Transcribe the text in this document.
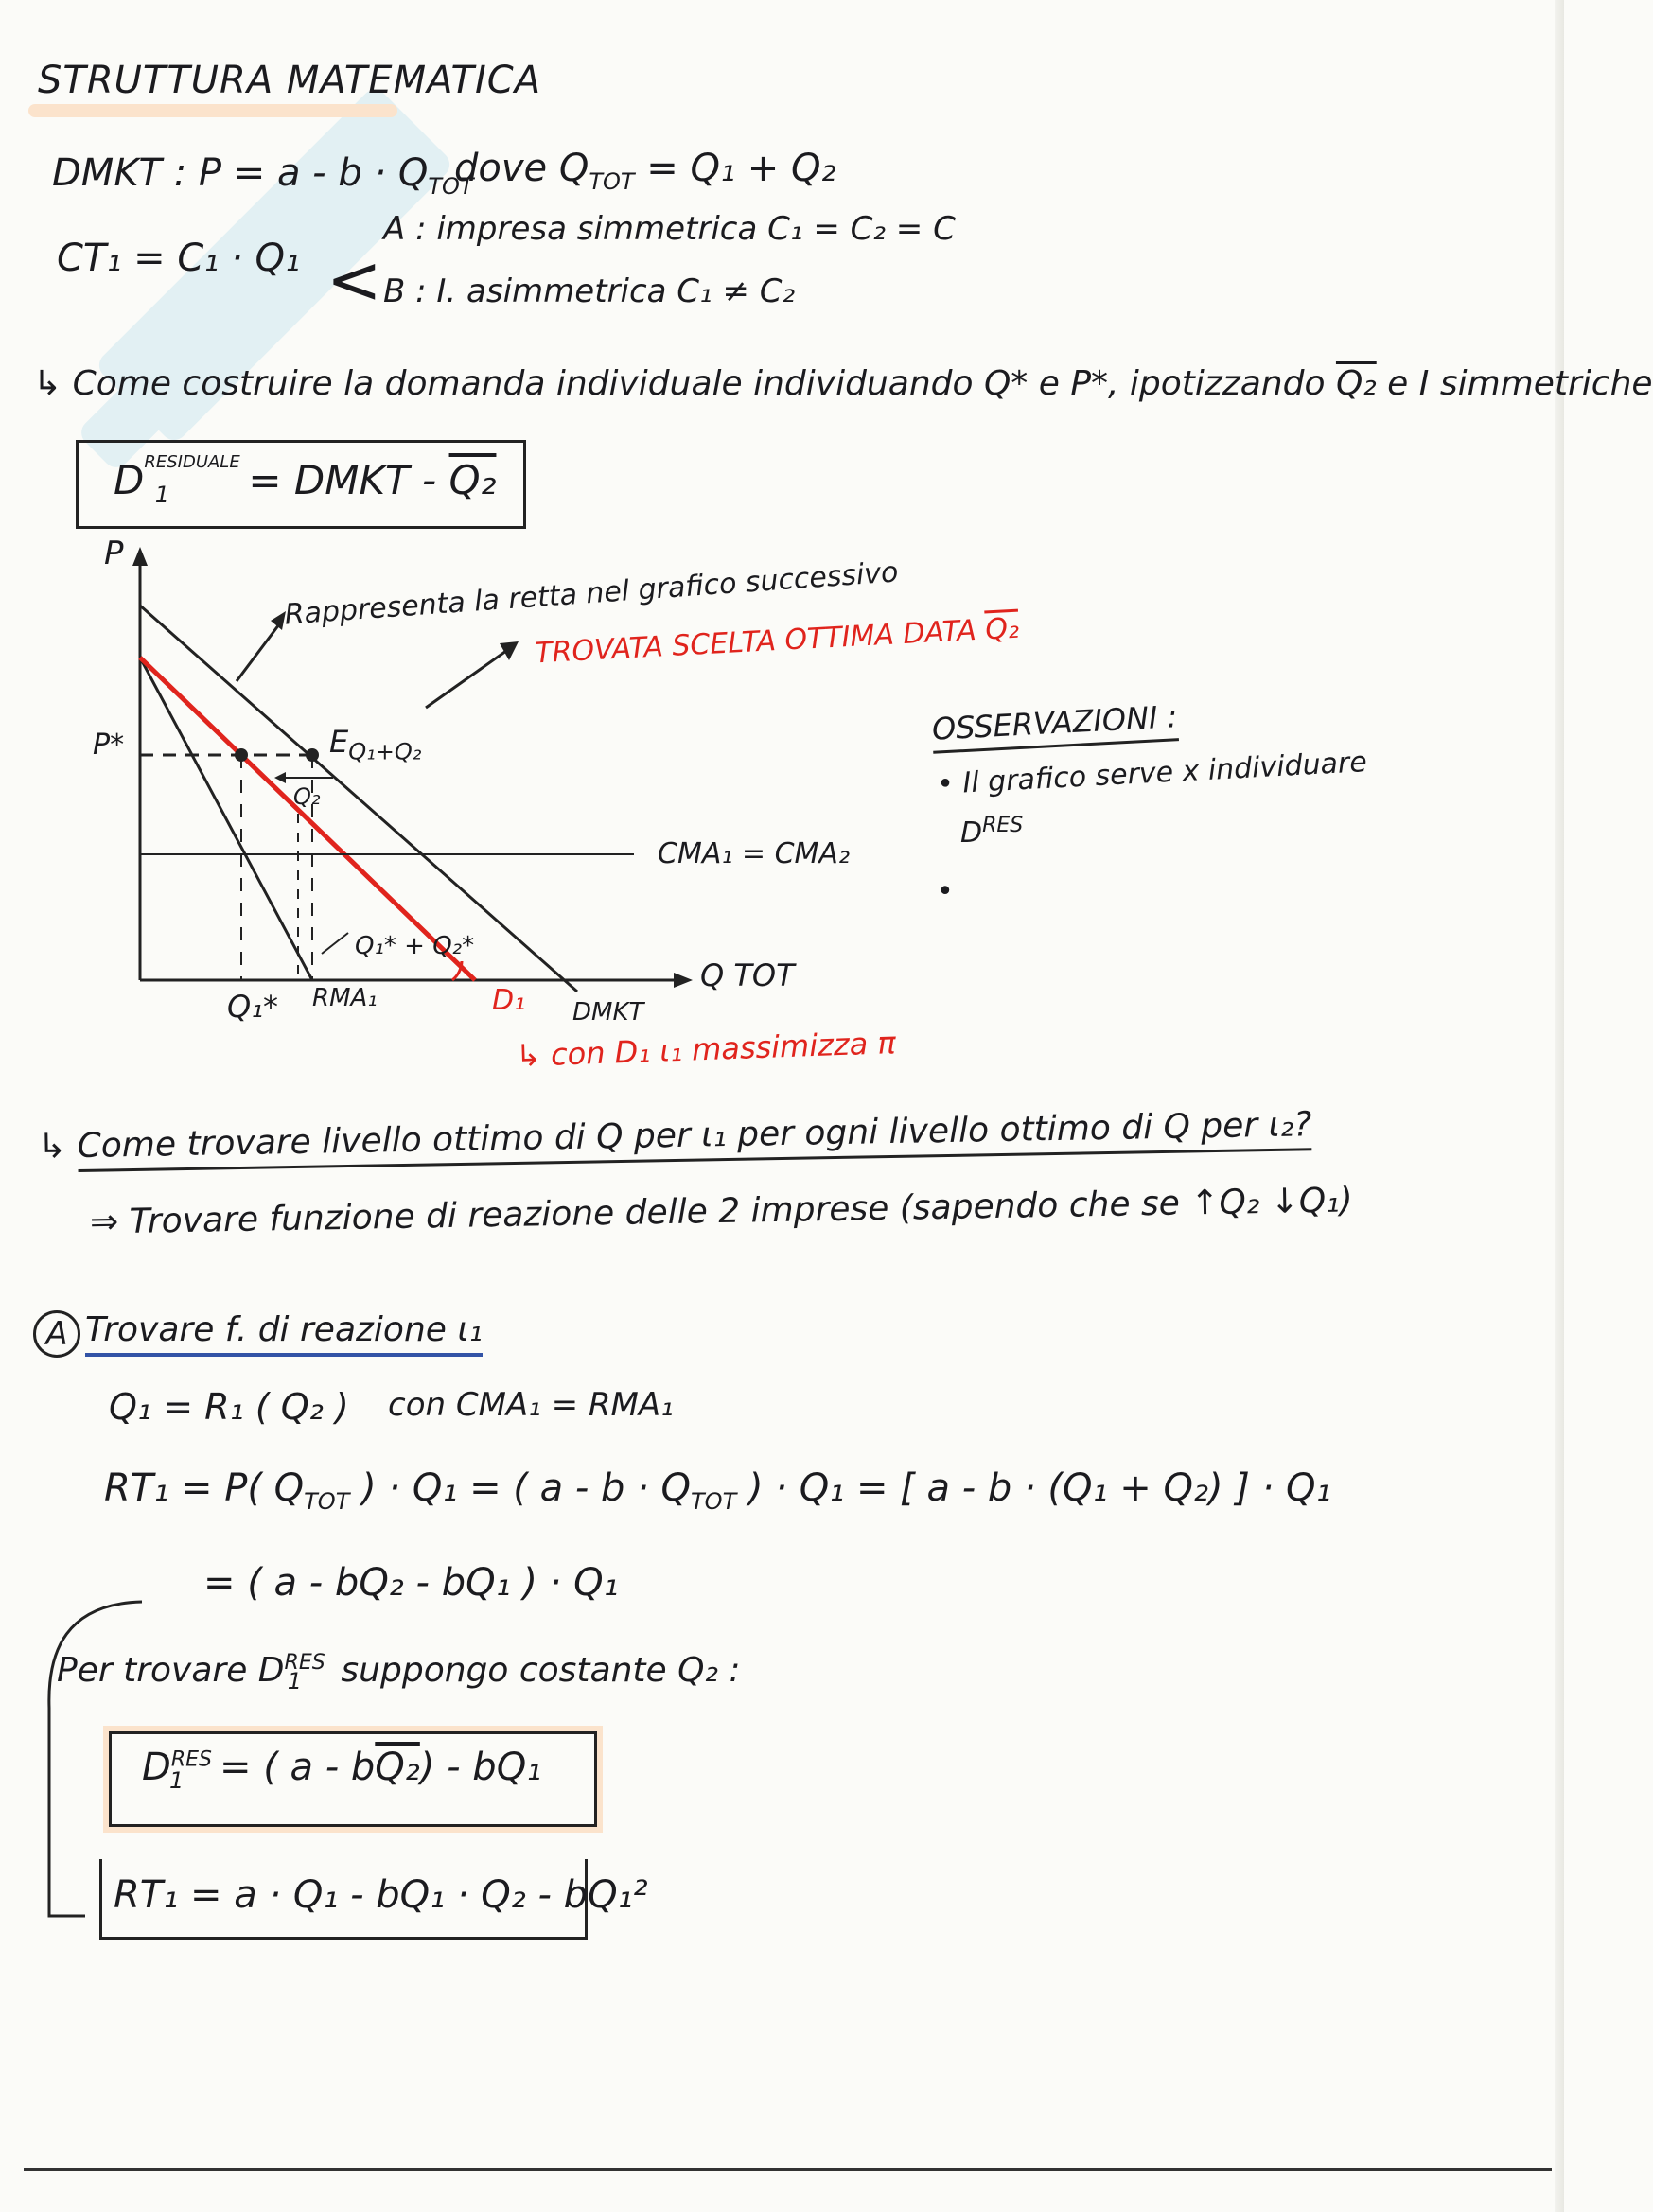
STRUTTURA MATEMATICA
DMKT : $P = a - b \cdot Q_{TOT}$
dove $Q_{TOT} = Q_1 + Q_2$
CT₁ = C₁ · Q₁ <
A : impresa simmetrica C₁ = C₂ = C
B : I. asimmetrica C₁ ≠ C₂
↳ Come costruire la domanda individuale individuando Q* e P*, ipotizzando Q₂ e I simmetriche
$D^{RESIDUALE}_1$ = DMKT - Q₂
P
Q TOT
P*
Rappresenta la retta nel grafico successivo
TROVATA SCELTA OTTIMA DATA Q₂
$E_{Q_1+Q_2}$
Q₂
CMA₁ = CMA₂
Q₁* + Q₂*
Q₁* RMA₁	D₁ DMKT
↳ con D₁ ι₁ massimizza π
OSSERVAZIONI :
• Il grafico serve x individuare
DRES
•
↳ Come trovare livello ottimo di Q per ι₁ per ogni livello ottimo di Q per ι₂?
⇒ Trovare funzione di reazione delle 2 imprese (sapendo che se ↑Q₂ ↓Q₁)
A Trovare f. di reazione ι₁
Q₁ = R₁ ( Q₂ ) con CMA₁ = RMA₁
RT₁ = P( $Q_{TOT}$ ) · Q₁ = ( $a - b \cdot Q_{TOT}$ ) · Q₁ = [ a - b · (Q₁ + Q₂) ] · Q₁
= ( a - bQ₂ - bQ₁ ) · Q₁
Per trovare $DRES_1$ suppongo costante Q₂ :
$DRES_1$ = ( a - bQ₂) - bQ₁
RT₁ = a · Q₁ - bQ₁ · Q₂ - bQ₁²
